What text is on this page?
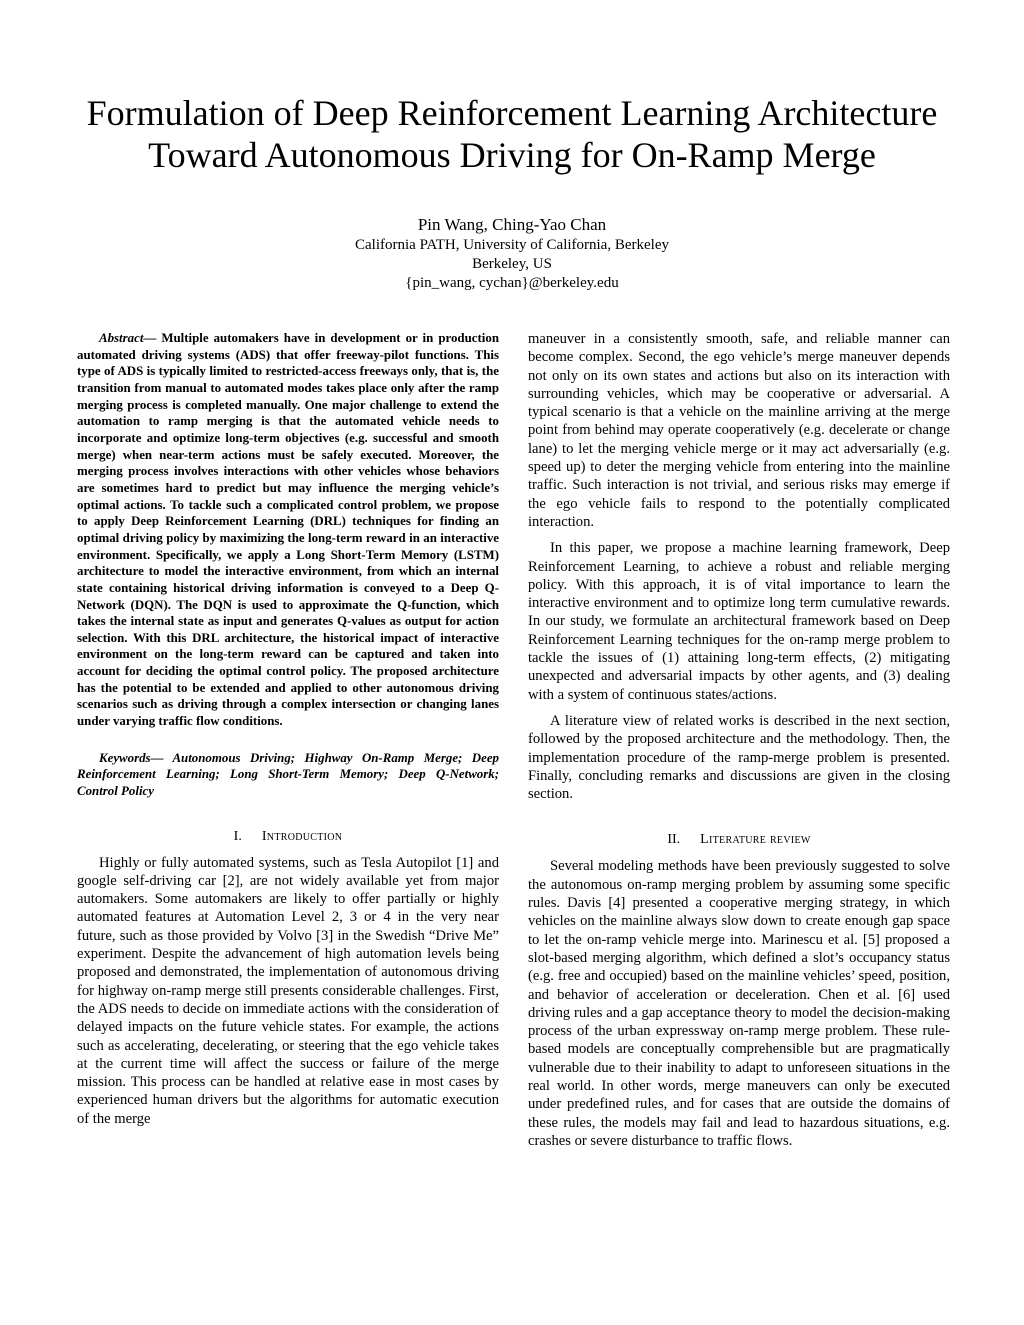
Formulation of Deep Reinforcement Learning Architecture
Toward Autonomous Driving for On-Ramp Merge
Pin Wang, Ching-Yao Chan
California PATH, University of California, Berkeley
Berkeley, US
{pin_wang, cychan}@berkeley.edu

Abstract— Multiple automakers have in development or in production automated driving systems (ADS) that offer freeway-pilot functions. This type of ADS is typically limited to restricted-access freeways only, that is, the transition from manual to automated modes takes place only after the ramp merging process is completed manually. One major challenge to extend the automation to ramp merging is that the automated vehicle needs to incorporate and optimize long-term objectives (e.g. successful and smooth merge) when near-term actions must be safely executed. Moreover, the merging process involves interactions with other vehicles whose behaviors are sometimes hard to predict but may influence the merging vehicle’s optimal actions. To tackle such a complicated control problem, we propose to apply Deep Reinforcement Learning (DRL) techniques for finding an optimal driving policy by maximizing the long-term reward in an interactive environment. Specifically, we apply a Long Short-Term Memory (LSTM) architecture to model the interactive environment, from which an internal state containing historical driving information is conveyed to a Deep Q-Network (DQN). The DQN is used to approximate the Q-function, which takes the internal state as input and generates Q-values as output for action selection. With this DRL architecture, the historical impact of interactive environment on the long-term reward can be captured and taken into account for deciding the optimal control policy. The proposed architecture has the potential to be extended and applied to other autonomous driving scenarios such as driving through a complex intersection or changing lanes under varying traffic flow conditions.

Keywords— Autonomous Driving; Highway On-Ramp Merge; Deep Reinforcement Learning; Long Short-Term Memory; Deep Q-Network; Control Policy

I. Introduction

Highly or fully automated systems, such as Tesla Autopilot [1] and google self-driving car [2], are not widely available yet from major automakers. Some automakers are likely to offer partially or highly automated features at Automation Level 2, 3 or 4 in the very near future, such as those provided by Volvo [3] in the Swedish “Drive Me” experiment. Despite the advancement of high automation levels being proposed and demonstrated, the implementation of autonomous driving for highway on-ramp merge still presents considerable challenges. First, the ADS needs to decide on immediate actions with the consideration of delayed impacts on the future vehicle states. For example, the actions such as accelerating, decelerating, or steering that the ego vehicle takes at the current time will affect the success or failure of the merge mission. This process can be handled at relative ease in most cases by experienced human drivers but the algorithms for automatic execution of the merge

maneuver in a consistently smooth, safe, and reliable manner can become complex. Second, the ego vehicle’s merge maneuver depends not only on its own states and actions but also on its interaction with surrounding vehicles, which may be cooperative or adversarial. A typical scenario is that a vehicle on the mainline arriving at the merge point from behind may operate cooperatively (e.g. decelerate or change lane) to let the merging vehicle merge or it may act adversarially (e.g. speed up) to deter the merging vehicle from entering into the mainline traffic. Such interaction is not trivial, and serious risks may emerge if the ego vehicle fails to respond to the potentially complicated interaction.

In this paper, we propose a machine learning framework, Deep Reinforcement Learning, to achieve a robust and reliable merging policy. With this approach, it is of vital importance to learn the interactive environment and to optimize long term cumulative rewards. In our study, we formulate an architectural framework based on Deep Reinforcement Learning techniques for the on-ramp merge problem to tackle the issues of (1) attaining long-term effects, (2) mitigating unexpected and adversarial impacts by other agents, and (3) dealing with a system of continuous states/actions.

A literature view of related works is described in the next section, followed by the proposed architecture and the methodology. Then, the implementation procedure of the ramp-merge problem is presented. Finally, concluding remarks and discussions are given in the closing section.

II. Literature review

Several modeling methods have been previously suggested to solve the autonomous on-ramp merging problem by assuming some specific rules. Davis [4] presented a cooperative merging strategy, in which vehicles on the mainline always slow down to create enough gap space to let the on-ramp vehicle merge into. Marinescu et al. [5] proposed a slot-based merging algorithm, which defined a slot’s occupancy status (e.g. free and occupied) based on the mainline vehicles’ speed, position, and behavior of acceleration or deceleration. Chen et al. [6] used driving rules and a gap acceptance theory to model the decision-making process of the urban expressway on-ramp merge problem. These rule-based models are conceptually comprehensible but are pragmatically vulnerable due to their inability to adapt to unforeseen situations in the real world. In other words, merge maneuvers can only be executed under predefined rules, and for cases that are outside the domains of these rules, the models may fail and lead to hazardous situations, e.g. crashes or severe disturbance to traffic flows.
